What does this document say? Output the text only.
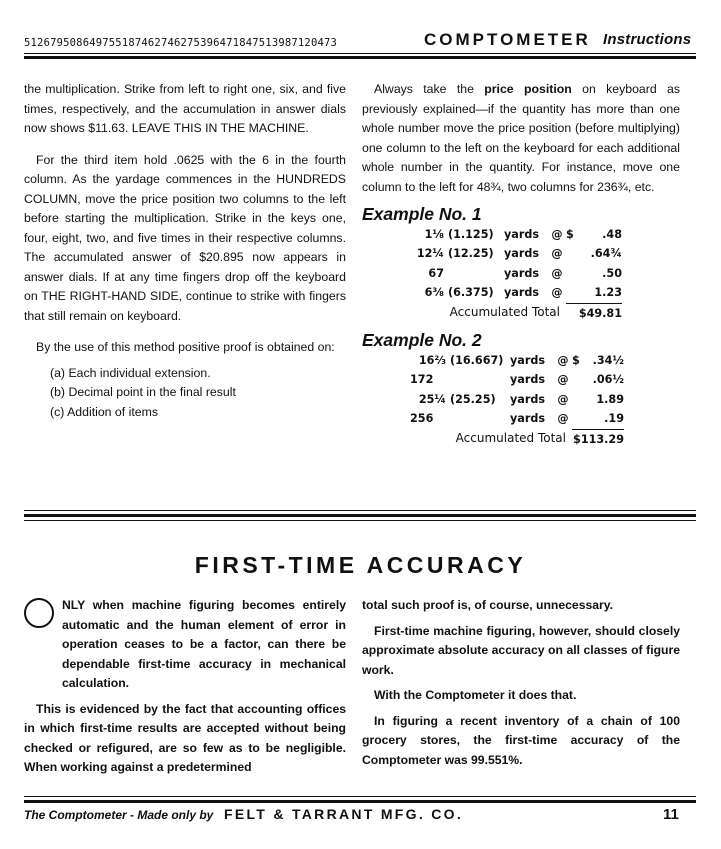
512679508649755187462746275396471847513987120473	COMPTOMETER Instructions

the multiplication. Strike from left to right one, six, and five times, respectively, and the accumulation in answer dials now shows $11.63. LEAVE THIS IN THE MACHINE.

For the third item hold .0625 with the 6 in the fourth column. As the yardage commences in the HUNDREDS COLUMN, move the price position two columns to the left before starting the multiplication. Strike in the keys one, four, eight, two, and five times in their respective columns. The accumulated answer of $20.895 now appears in answer dials. If at any time fingers drop off the keyboard on THE RIGHT-HAND SIDE, continue to strike with fingers that still remain on keyboard.

By the use of this method positive proof is obtained on:

(a) Each individual extension.

(b) Decimal point in the final result

(c) Addition of items

Always take the price position on keyboard as previously explained—if the quantity has more than one whole number move the price position (before multiplying) one column to the left on the keyboard for each additional whole number in the quantity. For instance, move one column to the left for 48¾, two columns for 236¾, etc.

Example No. 1

1⅛	(1.125)	yards	@	$	.48
12¼	(12.25)	yards	@		.64¾
67		yards	@		.50
6⅜	(6.375)	yards	@		1.23
Accumulated Total				$49.81	

Example No. 2

16⅔	(16.667)	yards	@	$	.34½
172		yards	@		.06½
25¼	(25.25)	yards	@		1.89
256		yards	@		.19
Accumulated Total				$113.29	
FIRST-TIME ACCURACY

NLY when machine figuring becomes entirely automatic and the human element of error in operation ceases to be a factor, can there be dependable first-time accuracy in mechanical calculation.

This is evidenced by the fact that accounting offices in which first-time results are accepted without being checked or refigured, are so few as to be negligible. When working against a predetermined

total such proof is, of course, unnecessary.

First-time machine figuring, however, should closely approximate absolute accuracy on all classes of figure work.

With the Comptometer it does that.

In figuring a recent inventory of a chain of 100 grocery stores, the first-time accuracy of the Comptometer was 99.551%.

The Comptometer - Made only by FELT & TARRANT MFG. CO.	11
